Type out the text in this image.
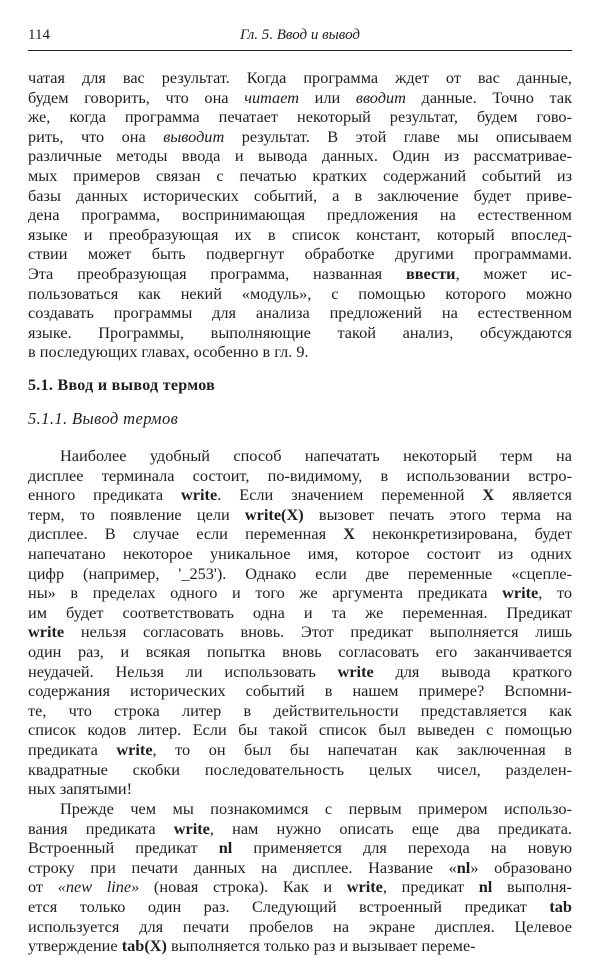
114	Гл. 5. Ввод и вывод
чатая для вас результат. Когда программа ждет от вас данные,
будем говорить, что она читает или вводит данные. Точно так
же, когда программа печатает некоторый результат, будем гово-
рить, что она выводит результат. В этой главе мы описываем
различные методы ввода и вывода данных. Один из рассматривае-
мых примеров связан с печатью кратких содержаний событий из
базы данных исторических событий, а в заключение будет приве-
дена программа, воспринимающая предложения на естественном
языке и преобразующая их в список констант, который впослед-
ствии может быть подвергнут обработке другими программами.
Эта преобразующая программа, названная ввести, может ис-
пользоваться как некий «модуль», с помощью которого можно
создавать программы для анализа предложений на естественном
языке. Программы, выполняющие такой анализ, обсуждаются
в последующих главах, особенно в гл. 9.
5.1. Ввод и вывод термов
5.1.1. Вывод термов
Наиболее удобный способ напечатать некоторый терм на
дисплее терминала состоит, по-видимому, в использовании встро-
енного предиката write. Если значением переменной X является
терм, то появление цели write(X) вызовет печать этого терма на
дисплее. В случае если переменная X неконкретизирована, будет
напечатано некоторое уникальное имя, которое состоит из одних
цифр (например, '_253'). Однако если две переменные «сцепле-
ны» в пределах одного и того же аргумента предиката write, то
им будет соответствовать одна и та же переменная. Предикат
write нельзя согласовать вновь. Этот предикат выполняется лишь
один раз, и всякая попытка вновь согласовать его заканчивается
неудачей. Нельзя ли использовать write для вывода краткого
содержания исторических событий в нашем примере? Вспомни-
те, что строка литер в действительности представляется как
список кодов литер. Если бы такой список был выведен с помощью
предиката write, то он был бы напечатан как заключенная в
квадратные скобки последовательность целых чисел, разделен-
ных запятыми!
Прежде чем мы познакомимся с первым примером использо-
вания предиката write, нам нужно описать еще два предиката.
Встроенный предикат nl применяется для перехода на новую
строку при печати данных на дисплее. Название «nl» образовано
от «new line» (новая строка). Как и write, предикат nl выполня-
ется только один раз. Следующий встроенный предикат tab
используется для печати пробелов на экране дисплея. Целевое
утверждение tab(X) выполняется только раз и вызывает переме-
